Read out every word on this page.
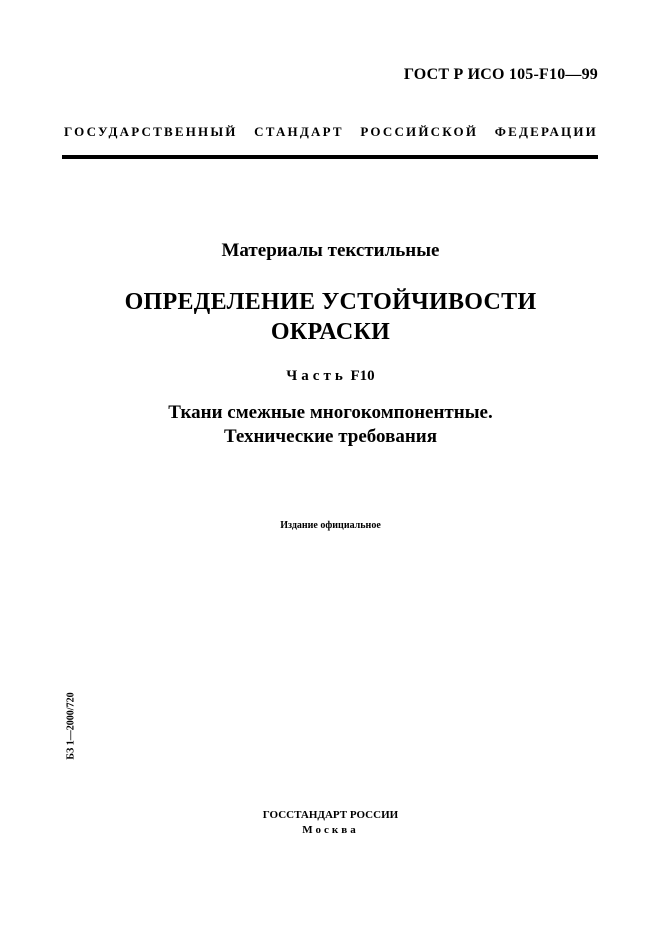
ГОСТ Р ИСО 105-F10—99
ГОСУДАРСТВЕННЫЙ СТАНДАРТ РОССИЙСКОЙ ФЕДЕРАЦИИ
Материалы текстильные
ОПРЕДЕЛЕНИЕ УСТОЙЧИВОСТИ
ОКРАСКИ
Часть F10
Ткани смежные многокомпонентные.
Технические требования
Издание официальное
БЗ 1—2000/720
ГОССТАНДАРТ РОССИИ
Москва
